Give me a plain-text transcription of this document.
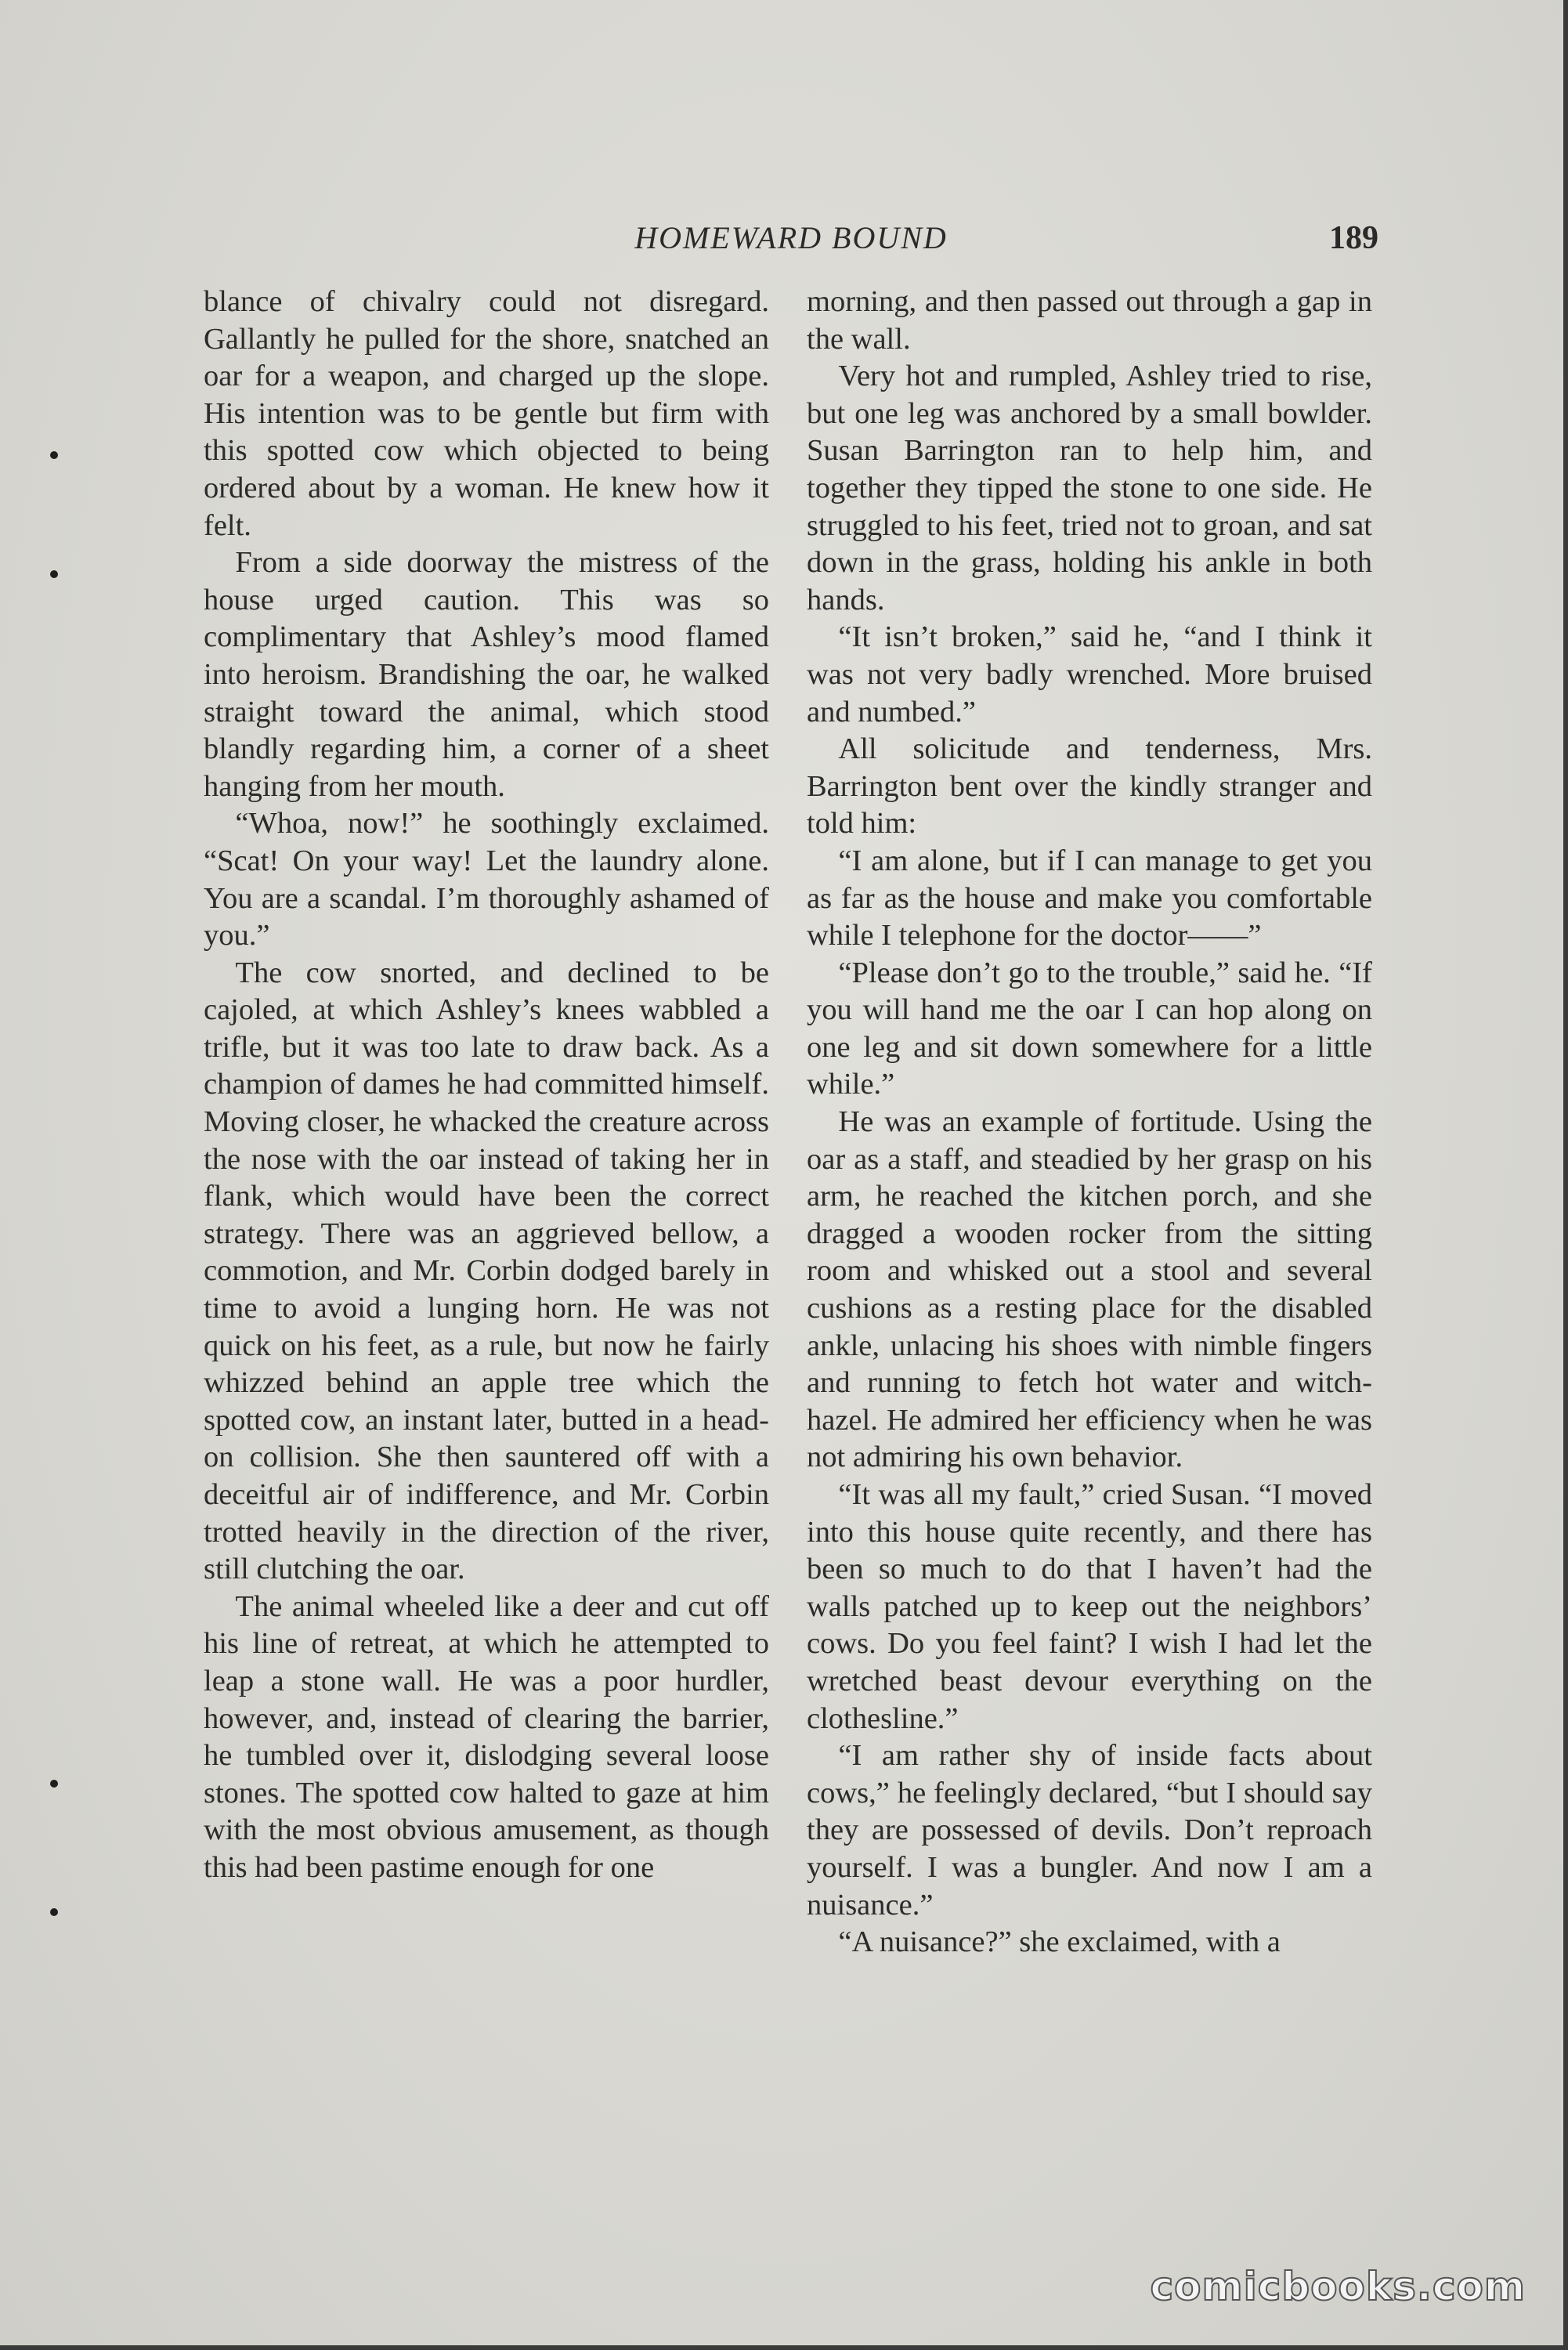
HOMEWARD BOUND	189

blance of chivalry could not disregard. Gallantly he pulled for the shore, snatched an oar for a weapon, and charged up the slope. His intention was to be gentle but firm with this spotted cow which objected to being ordered about by a woman. He knew how it felt.

From a side doorway the mistress of the house urged caution. This was so complimentary that Ashley’s mood flamed into heroism. Brandishing the oar, he walked straight toward the animal, which stood blandly regarding him, a corner of a sheet hanging from her mouth.

“Whoa, now!” he soothingly exclaimed. “Scat! On your way! Let the laundry alone. You are a scandal. I’m thoroughly ashamed of you.”

The cow snorted, and declined to be cajoled, at which Ashley’s knees wabbled a trifle, but it was too late to draw back. As a champion of dames he had committed himself. Moving closer, he whacked the creature across the nose with the oar instead of taking her in flank, which would have been the correct strategy. There was an aggrieved bellow, a commotion, and Mr. Corbin dodged barely in time to avoid a lunging horn. He was not quick on his feet, as a rule, but now he fairly whizzed behind an apple tree which the spotted cow, an instant later, butted in a head-on collision. She then sauntered off with a deceitful air of indifference, and Mr. Corbin trotted heavily in the direction of the river, still clutching the oar.

The animal wheeled like a deer and cut off his line of retreat, at which he attempted to leap a stone wall. He was a poor hurdler, however, and, instead of clearing the barrier, he tumbled over it, dislodging several loose stones. The spotted cow halted to gaze at him with the most obvious amusement, as though this had been pastime enough for one

morning, and then passed out through a gap in the wall.

Very hot and rumpled, Ashley tried to rise, but one leg was anchored by a small bowlder. Susan Barrington ran to help him, and together they tipped the stone to one side. He struggled to his feet, tried not to groan, and sat down in the grass, holding his ankle in both hands.

“It isn’t broken,” said he, “and I think it was not very badly wrenched. More bruised and numbed.”

All solicitude and tenderness, Mrs. Barrington bent over the kindly stranger and told him:

“I am alone, but if I can manage to get you as far as the house and make you comfortable while I telephone for the doctor——”

“Please don’t go to the trouble,” said he. “If you will hand me the oar I can hop along on one leg and sit down somewhere for a little while.”

He was an example of fortitude. Using the oar as a staff, and steadied by her grasp on his arm, he reached the kitchen porch, and she dragged a wooden rocker from the sitting room and whisked out a stool and several cushions as a resting place for the disabled ankle, unlacing his shoes with nimble fingers and running to fetch hot water and witch-hazel. He admired her efficiency when he was not admiring his own behavior.

“It was all my fault,” cried Susan. “I moved into this house quite recently, and there has been so much to do that I haven’t had the walls patched up to keep out the neighbors’ cows. Do you feel faint? I wish I had let the wretched beast devour everything on the clothesline.”

“I am rather shy of inside facts about cows,” he feelingly declared, “but I should say they are possessed of devils. Don’t reproach yourself. I was a bungler. And now I am a nuisance.”

“A nuisance?” she exclaimed, with a

comicbooks.com
